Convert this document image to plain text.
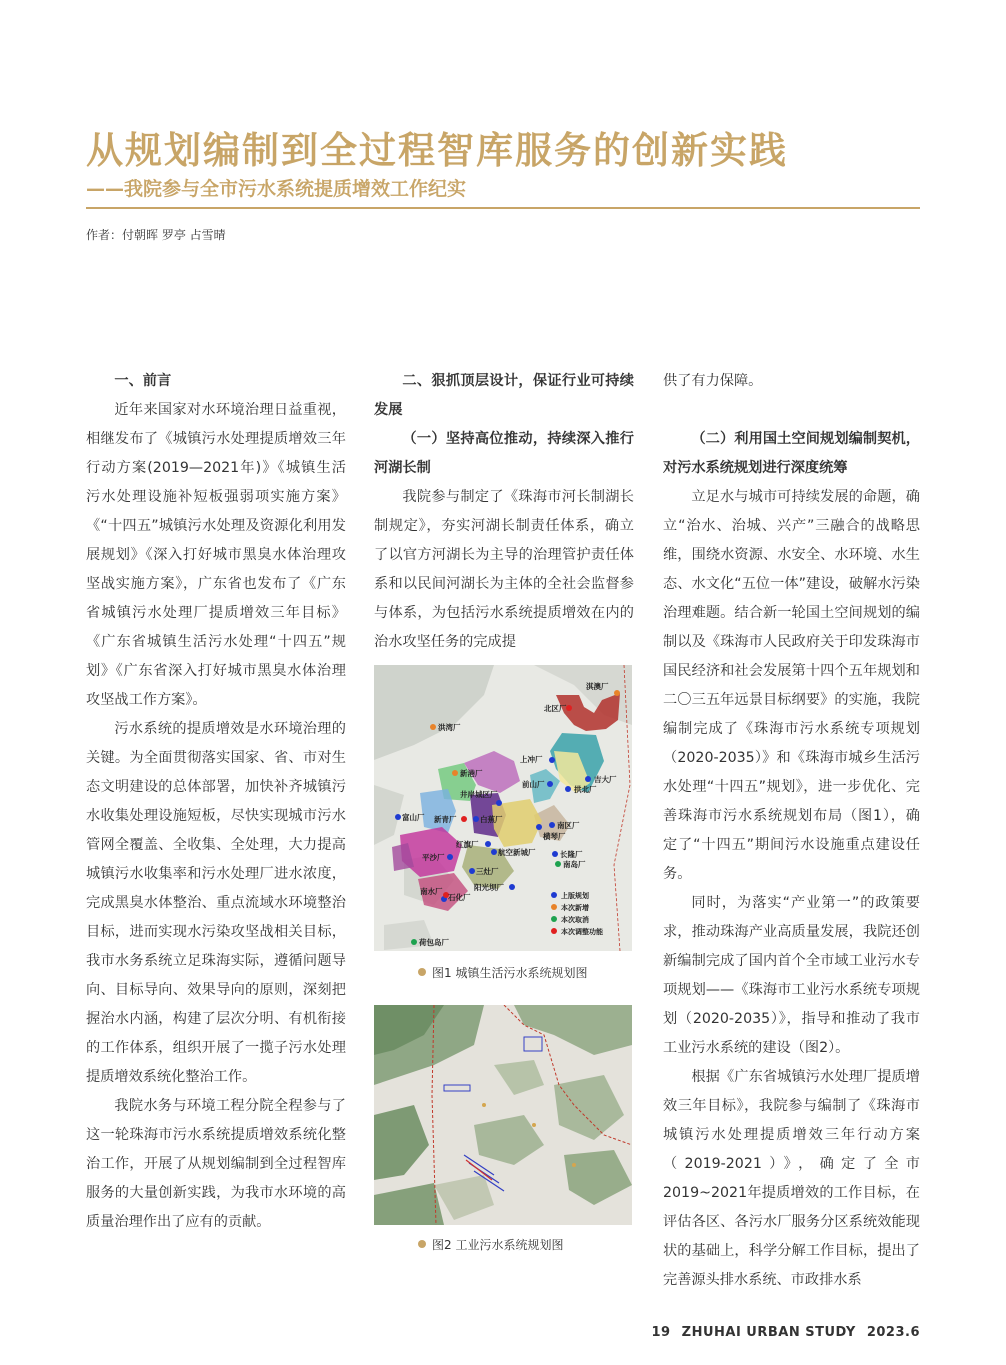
从规划编制到全过程智库服务的创新实践
——我院参与全市污水系统提质增效工作纪实
作者：付朝晖 罗亭 占雪晴
一、前言

近年来国家对水环境治理日益重视，相继发布了《城镇污水处理提质增效三年行动方案(2019—2021年)》《城镇生活污水处理设施补短板强弱项实施方案》《“十四五”城镇污水处理及资源化利用发展规划》《深入打好城市黑臭水体治理攻坚战实施方案》，广东省也发布了《广东省城镇污水处理厂提质增效三年目标》《广东省城镇生活污水处理“十四五”规划》《广东省深入打好城市黑臭水体治理攻坚战工作方案》。

污水系统的提质增效是水环境治理的关键。为全面贯彻落实国家、省、市对生态文明建设的总体部署，加快补齐城镇污水收集处理设施短板，尽快实现城市污水管网全覆盖、全收集、全处理，大力提高城镇污水收集率和污水处理厂进水浓度，完成黑臭水体整治、重点流域水环境整治目标，进而实现水污染攻坚战相关目标，我市水务系统立足珠海实际，遵循问题导向、目标导向、效果导向的原则，深刻把握治水内涵，构建了层次分明、有机衔接的工作体系，组织开展了一揽子污水处理提质增效系统化整治工作。

我院水务与环境工程分院全程参与了这一轮珠海市污水系统提质增效系统化整治工作，开展了从规划编制到全过程智库服务的大量创新实践，为我市水环境的高质量治理作出了应有的贡献。

二、狠抓顶层设计，保证行业可持续发展
（一）坚持高位推动，持续深入推行河湖长制

我院参与制定了《珠海市河长制湖长制规定》，夯实河湖长制责任体系，确立了以官方河湖长为主导的治理管护责任体系和以民间河湖长为主体的全社会监督参与体系，为包括污水系统提质增效在内的治水攻坚任务的完成提

供了有力保障。

（二）利用国土空间规划编制契机，对污水系统规划进行深度统筹

立足水与城市可持续发展的命题，确立“治水、治城、兴产”三融合的战略思维，围绕水资源、水安全、水环境、水生态、水文化“五位一体”建设，破解水污染治理难题。结合新一轮国土空间规划的编制以及《珠海市人民政府关于印发珠海市国民经济和社会发展第十四个五年规划和二〇三五年远景目标纲要》的实施，我院编制完成了《珠海市污水系统专项规划（2020-2035）》和《珠海市城乡生活污水处理“十四五”规划》，进一步优化、完善珠海市污水系统规划布局（图1），确定了“十四五”期间污水设施重点建设任务。

同时，为落实“产业第一”的政策要求，推动珠海产业高质量发展，我院还创新编制完成了国内首个全市域工业污水专项规划——《珠海市工业污水系统专项规划（2020-2035）》，指导和推动了我市工业污水系统的建设（图2）。

根据《广东省城镇污水处理厂提质增效三年目标》，我院参与编制了《珠海市城镇污水处理提质增效三年行动方案（2019-2021）》，确定了全市2019~2021年提质增效的工作目标，在评估各区、各污水厂服务分区系统效能现状的基础上，科学分解工作目标，提出了完善源头排水系统、市政排水系

洪湾厂
北区厂
前山厂
上冲厂
吉大厂
拱北厂
新港厂
井岸城区厂
白蕉厂
新青厂
富山厂
红旗厂
航空新城厂
南区厂
横琴厂
长隆厂
平沙厂
三灶厂
南岛厂
阳光坝厂
南水厂
石化厂
荷包岛厂
淇澳厂
上版规划
本次新增
本次取消
本次调整功能
图1 城镇生活污水系统规划图
图2 工业污水系统规划图
19 ZHUHAI URBAN STUDY 2023.6
